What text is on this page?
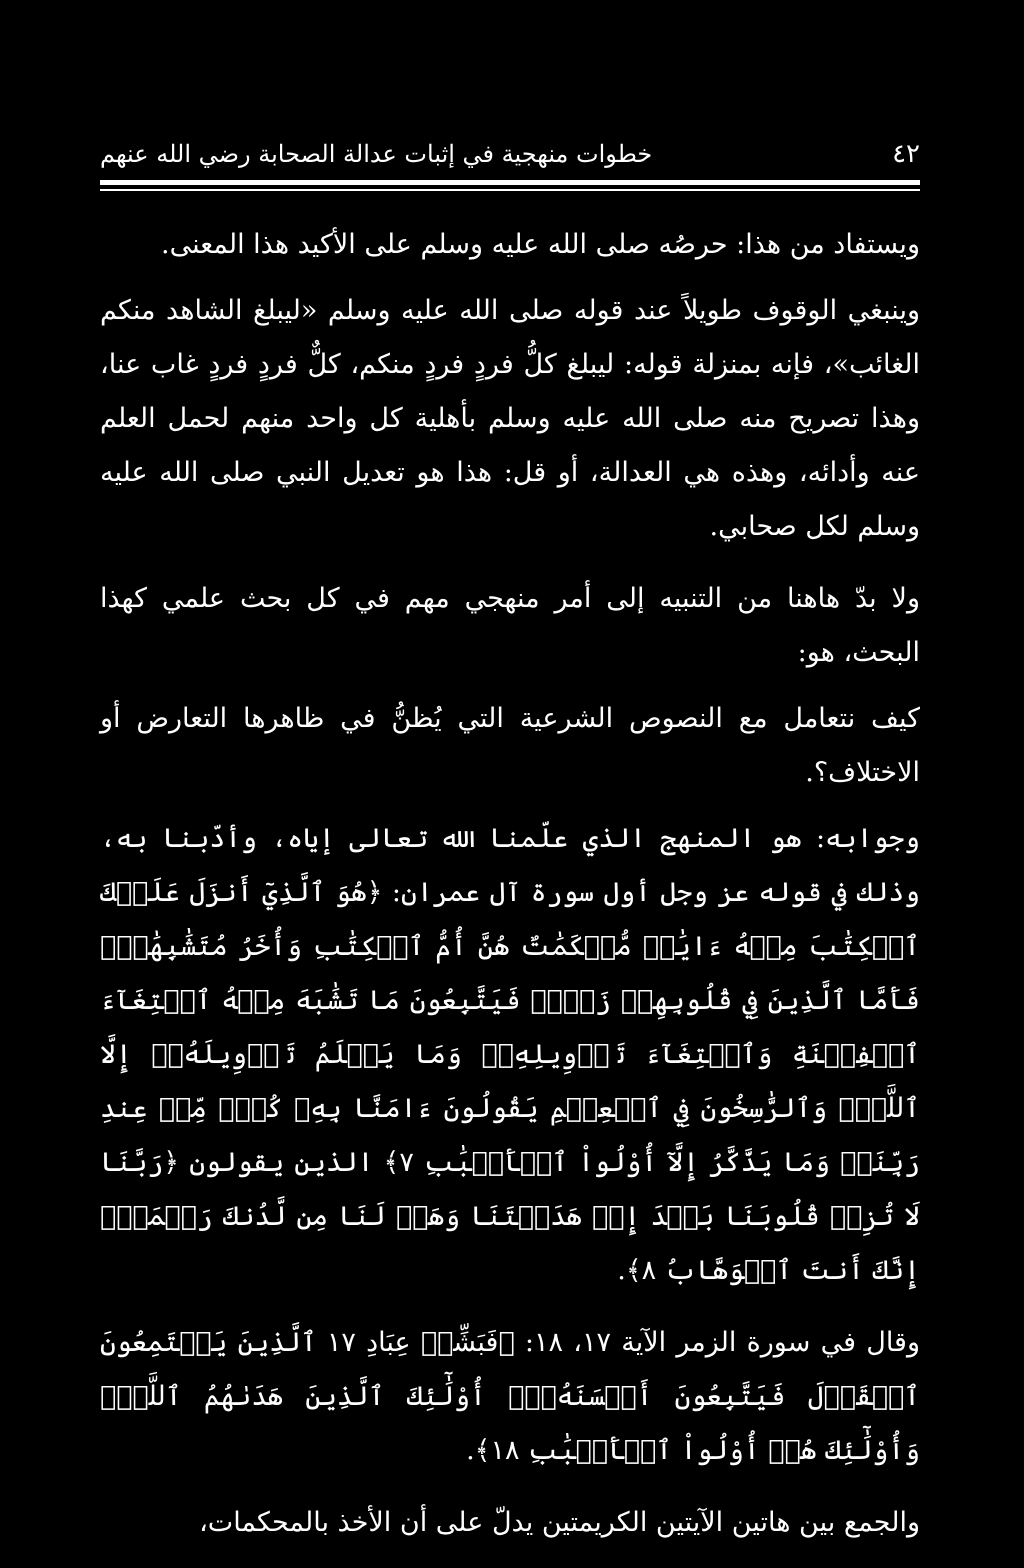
٤٢
خطوات منهجية في إثبات عدالة الصحابة رضي الله عنهم

ويستفاد من هذا: حرصُه صلى الله عليه وسلم على الأكيد هذا المعنى.

وينبغي الوقوف طويلاً عند قوله صلى الله عليه وسلم «ليبلغ الشاهد منكم الغائب»، فإنه بمنزلة قوله: ليبلغ كلُّ فردٍ فردٍ منكم، كلٌّ فردٍ فردٍ غاب عنا، وهذا تصريح منه صلى الله عليه وسلم بأهلية كل واحد منهم لحمل العلم عنه وأدائه، وهذه هي العدالة، أو قل: هذا هو تعديل النبي صلى الله عليه وسلم لكل صحابي.

ولا بدّ هاهنا من التنبيه إلى أمر منهجي مهم في كل بحث علمي كهذا البحث، هو:

كيف نتعامل مع النصوص الشرعية التي يُظنُّ في ظاهرها التعارض أو الاختلاف؟.

وجوابه: هو المنهج الذي علّمنا الله تعالى إياه، وأدّبنا به، وذلك في قوله عز وجل أول سورة آل عمران: ﴿هُوَ ٱلَّذِيٓ أَنزَلَ عَلَيۡكَ ٱلۡكِتَٰبَ مِنۡهُ ءَايَٰتٞ مُّحۡكَمَٰتٌ هُنَّ أُمُّ ٱلۡكِتَٰبِ وَأُخَرُ مُتَشَٰبِهَٰتٞۖ فَأَمَّا ٱلَّذِينَ فِي قُلُوبِهِمۡ زَيۡغٞ فَيَتَّبِعُونَ مَا تَشَٰبَهَ مِنۡهُ ٱبۡتِغَآءَ ٱلۡفِتۡنَةِ وَٱبۡتِغَآءَ تَأۡوِيلِهِۦۖ وَمَا يَعۡلَمُ تَأۡوِيلَهُۥٓ إِلَّا ٱللَّهُۗ وَٱلرَّٰسِخُونَ فِي ٱلۡعِلۡمِ يَقُولُونَ ءَامَنَّا بِهِۦ كُلّٞ مِّنۡ عِندِ رَبِّنَاۗ وَمَا يَذَّكَّرُ إِلَّآ أُوْلُواْ ٱلۡأَلۡبَٰبِ ٧﴾ الذين يقولون ﴿رَبَّنَا لَا تُزِغۡ قُلُوبَنَا بَعۡدَ إِذۡ هَدَيۡتَنَا وَهَبۡ لَنَا مِن لَّدُنكَ رَحۡمَةًۚ إِنَّكَ أَنتَ ٱلۡوَهَّابُ ٨﴾.

وقال في سورة الزمر الآية ١٧، ١٨: ﴿فَبَشِّرۡ عِبَادِ ١٧ ٱلَّذِينَ يَسۡتَمِعُونَ ٱلۡقَوۡلَ فَيَتَّبِعُونَ أَحۡسَنَهُۥٓۚ أُوْلَٰٓئِكَ ٱلَّذِينَ هَدَىٰهُمُ ٱللَّهُۖ وَأُوْلَٰٓئِكَ هُمۡ أُوْلُواْ ٱلۡأَلۡبَٰبِ ١٨﴾.

والجمع بين هاتين الآيتين الكريمتين يدلّ على أن الأخذ بالمحكمات،
